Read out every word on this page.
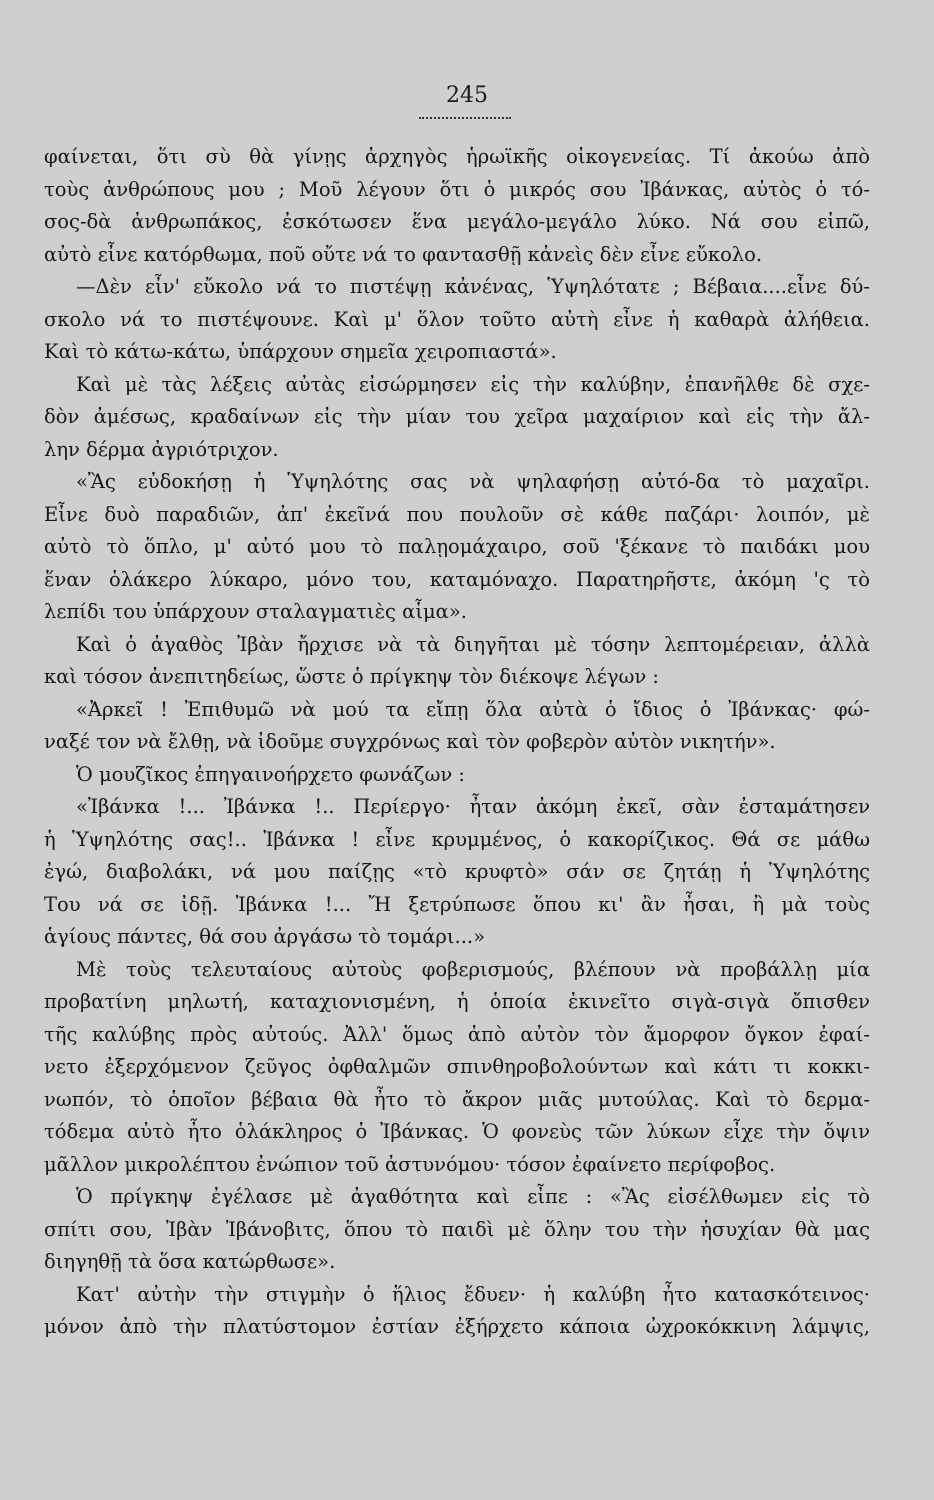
245
φαίνεται, ὅτι σὺ θὰ γίνῃς ἀρχηγὸς ἡρωϊκῆς οἰκογενείας. Τί ἀκούω ἀπὸ
τοὺς ἀνθρώπους μου ; Μοῦ λέγουν ὅτι ὁ μικρός σου Ἰβάνκας, αὐτὸς ὁ τό-
σος-δὰ ἀνθρωπάκος, ἐσκότωσεν ἕνα μεγάλο-μεγάλο λύκο. Νά σου εἰπῶ,
αὐτὸ εἶνε κατόρθωμα, ποῦ οὔτε νά το φαντασθῇ κἀνεὶς δὲν εἶνε εὔκολο.
—Δὲν εἶν' εὔκολο νά το πιστέψῃ κἀνένας, Ὑψηλότατε ; Βέβαια....εἶνε δύ-
σκολο νά το πιστέψουνε. Καὶ μ' ὅλον τοῦτο αὐτὴ εἶνε ἡ καθαρὰ ἀλήθεια.
Καὶ τὸ κάτω-κάτω, ὑπάρχουν σημεῖα χειροπιαστά».
Καὶ μὲ τὰς λέξεις αὐτὰς εἰσώρμησεν εἰς τὴν καλύβην, ἐπανῆλθε δὲ σχε-
δὸν ἀμέσως, κραδαίνων εἰς τὴν μίαν του χεῖρα μαχαίριον καὶ εἰς τὴν ἄλ-
λην δέρμα ἀγριότριχον.
«Ἂς εὐδοκήσῃ ἡ Ὑψηλότης σας νὰ ψηλαφήσῃ αὐτό-δα τὸ μαχαῖρι.
Εἶνε δυὸ παραδιῶν, ἀπ' ἐκεῖνά που πουλοῦν σὲ κάθε παζάρι· λοιπόν, μὲ
αὐτὸ τὸ ὅπλο, μ' αὐτό μου τὸ παλῃομάχαιρο, σοῦ 'ξέκανε τὸ παιδάκι μου
ἕναν ὁλάκερο λύκαρο, μόνο του, καταμόναχο. Παρατηρῆστε, ἀκόμη 'ς τὸ
λεπίδι του ὑπάρχουν σταλαγματιὲς αἷμα».
Καὶ ὁ ἀγαθὸς Ἰβὰν ἤρχισε νὰ τὰ διηγῆται μὲ τόσην λεπτομέρειαν, ἀλλὰ
καὶ τόσον ἀνεπιτηδείως, ὥστε ὁ πρίγκηψ τὸν διέκοψε λέγων :
«Ἀρκεῖ ! Ἐπιθυμῶ νὰ μού τα εἴπῃ ὅλα αὐτὰ ὁ ἴδιος ὁ Ἰβάνκας· φώ-
ναξέ τον νὰ ἔλθῃ, νὰ ἰδοῦμε συγχρόνως καὶ τὸν φοβερὸν αὐτὸν νικητήν».
Ὁ μουζῖκος ἐπηγαινοήρχετο φωνάζων :
«Ἰβάνκα !... Ἰβάνκα !.. Περίεργο· ἦταν ἀκόμη ἐκεῖ, σὰν ἐσταμάτησεν
ἡ Ὑψηλότης σας!.. Ἰβάνκα ! εἶνε κρυμμένος, ὁ κακορίζικος. Θά σε μάθω
ἐγώ, διαβολάκι, νά μου παίζῃς «τὸ κρυφτὸ» σάν σε ζητάῃ ἡ Ὑψηλότης
Του νά σε ἰδῇ. Ἰβάνκα !... Ἤ ξετρύπωσε ὅπου κι' ἂν ἦσαι, ἢ μὰ τοὺς
ἁγίους πάντες, θά σου ἀργάσω τὸ τομάρι...»
Μὲ τοὺς τελευταίους αὐτοὺς φοβερισμούς, βλέπουν νὰ προβάλλῃ μία
προβατίνη μηλωτή, καταχιονισμένη, ἡ ὁποία ἐκινεῖτο σιγὰ-σιγὰ ὄπισθεν
τῆς καλύβης πρὸς αὐτούς. Ἀλλ' ὅμως ἀπὸ αὐτὸν τὸν ἄμορφον ὄγκον ἐφαί-
νετο ἐξερχόμενον ζεῦγος ὀφθαλμῶν σπινθηροβολούντων καὶ κάτι τι κοκκι-
νωπόν, τὸ ὁποῖον βέβαια θὰ ἦτο τὸ ἄκρον μιᾶς μυτούλας. Καὶ τὸ δερμα-
τόδεμα αὐτὸ ἦτο ὁλάκληρος ὁ Ἰβάνκας. Ὁ φονεὺς τῶν λύκων εἶχε τὴν ὄψιν
μᾶλλον μικρολέπτου ἐνώπιον τοῦ ἀστυνόμου· τόσον ἐφαίνετο περίφοβος.
Ὁ πρίγκηψ ἐγέλασε μὲ ἀγαθότητα καὶ εἶπε : «Ἂς εἰσέλθωμεν εἰς τὸ
σπίτι σου, Ἰβὰν Ἰβάνοβιτς, ὅπου τὸ παιδὶ μὲ ὅλην του τὴν ἡσυχίαν θὰ μας
διηγηθῇ τὰ ὅσα κατώρθωσε».
Κατ' αὐτὴν τὴν στιγμὴν ὁ ἥλιος ἔδυεν· ἡ καλύβη ἦτο κατασκότεινος·
μόνον ἀπὸ τὴν πλατύστομον ἐστίαν ἐξήρχετο κάποια ὠχροκόκκινη λάμψις,
